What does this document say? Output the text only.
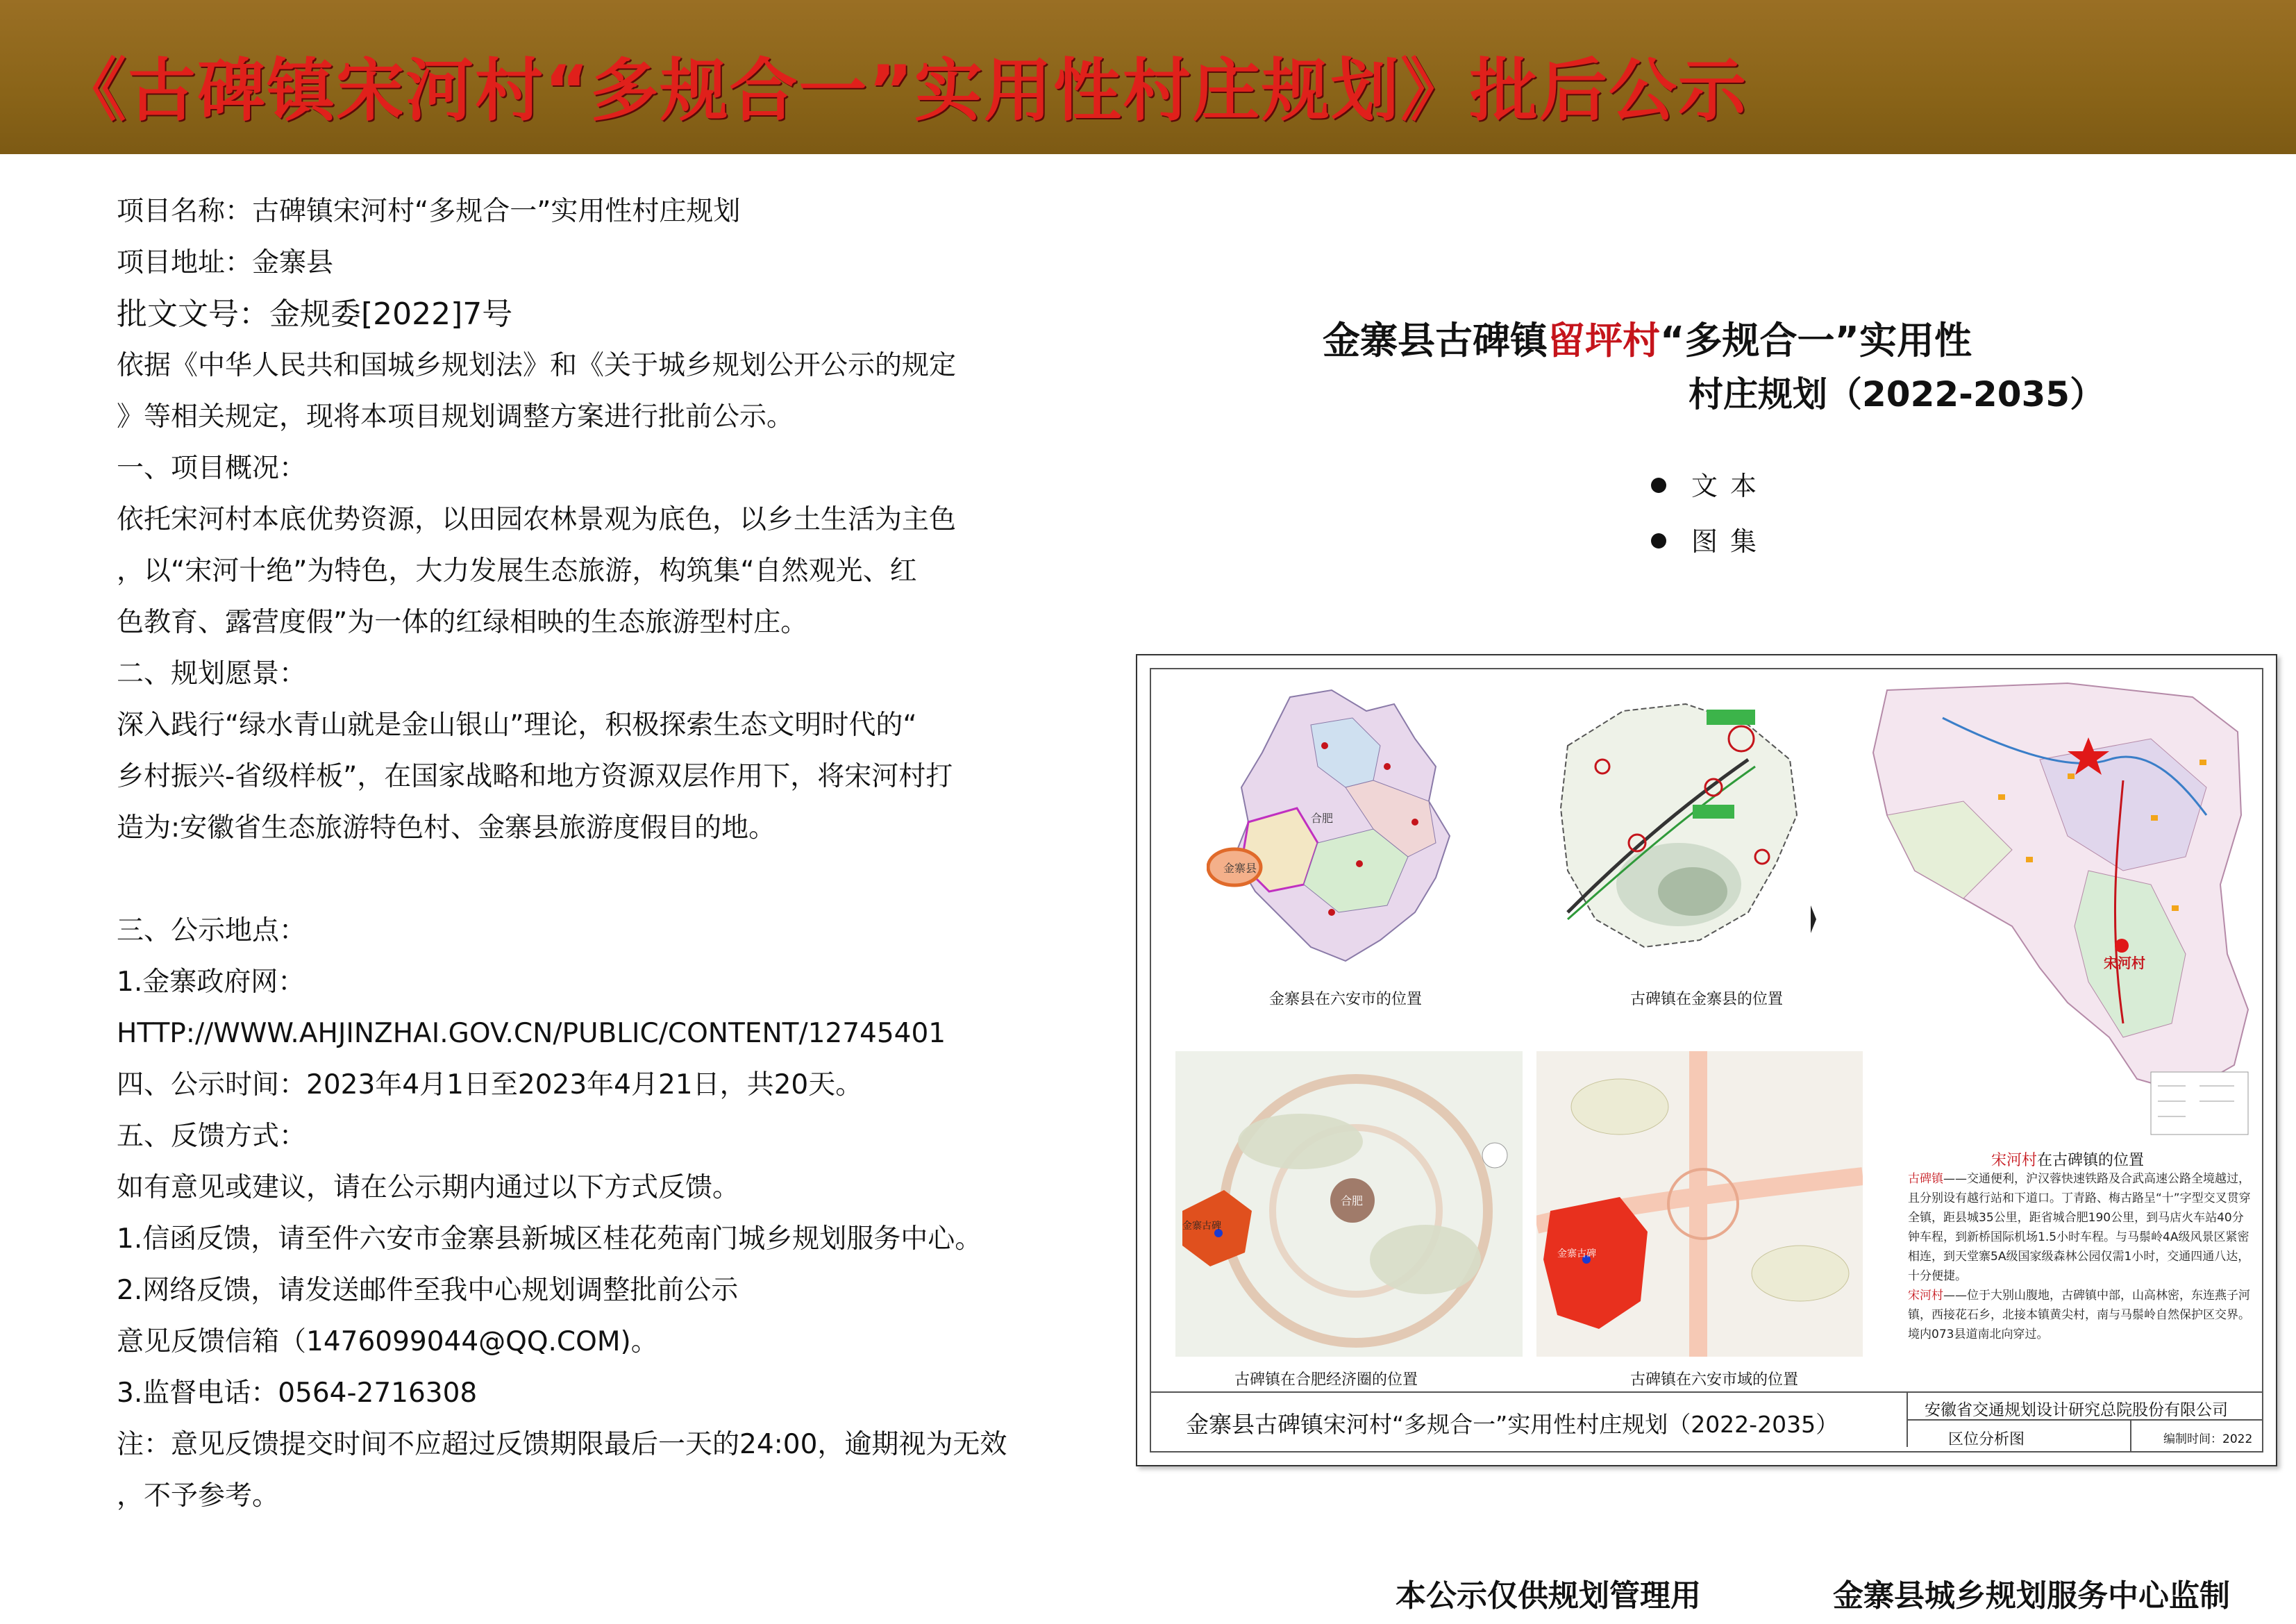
《古碑镇宋河村“多规合一”实用性村庄规划》批后公示
项目名称：古碑镇宋河村“多规合一”实用性村庄规划
项目地址：金寨县
批文文号：金规委[2022]7号
依据《中华人民共和国城乡规划法》和《关于城乡规划公开公示的规定
》等相关规定，现将本项目规划调整方案进行批前公示。
一、项目概况：
依托宋河村本底优势资源，以田园农林景观为底色，以乡土生活为主色
，以“宋河十绝”为特色，大力发展生态旅游，构筑集“自然观光、红
色教育、露营度假”为一体的红绿相映的生态旅游型村庄。
二、规划愿景：
深入践行“绿水青山就是金山银山”理论，积极探索生态文明时代的“
乡村振兴-省级样板”，在国家战略和地方资源双层作用下，将宋河村打
造为:安徽省生态旅游特色村、金寨县旅游度假目的地。
三、公示地点：
1.金寨政府网：
HTTP://WWW.AHJINZHAI.GOV.CN/PUBLIC/CONTENT/12745401
四、公示时间：2023年4月1日至2023年4月21日，共20天。
五、反馈方式：
如有意见或建议，请在公示期内通过以下方式反馈。
1.信函反馈，请至件六安市金寨县新城区桂花苑南门城乡规划服务中心。
2.网络反馈，请发送邮件至我中心规划调整批前公示
意见反馈信箱（1476099044@QQ.COM)。
3.监督电话：0564-2716308
注：意见反馈提交时间不应超过反馈期限最后一天的24:00，逾期视为无效
，不予参考。
金寨县古碑镇留坪村“多规合一”实用性
村庄规划（2022-2035）
文本
图集
金寨县
合肥
金寨县在六安市的位置	古碑镇在金寨县的位置
宋河村
宋河村在古碑镇的位置
合肥
金寨古碑
古碑镇在合肥经济圈的位置
金寨古碑
古碑镇在六安市域的位置
古碑镇——交通便利，沪汉蓉快速铁路及合武高速公路全境越过，且分别设有越行站和下道口。丁青路、梅古路呈“十”字型交叉贯穿全镇，距县城35公里，距省城合肥190公里，到马店火车站40分钟车程，到新桥国际机场1.5小时车程。与马鬃岭4A级风景区紧密相连，到天堂寨5A级国家级森林公园仅需1小时，交通四通八达，十分便捷。
宋河村——位于大别山腹地，古碑镇中部，山高林密，东连燕子河镇，西接花石乡，北接本镇黄尖村，南与马鬃岭自然保护区交界。境内073县道南北向穿过。
金寨县古碑镇宋河村“多规合一”实用性村庄规划（2022-2035）
安徽省交通规划设计研究总院股份有限公司
区位分析图	编制时间：2022
本公示仅供规划管理用	金寨县城乡规划服务中心监制
